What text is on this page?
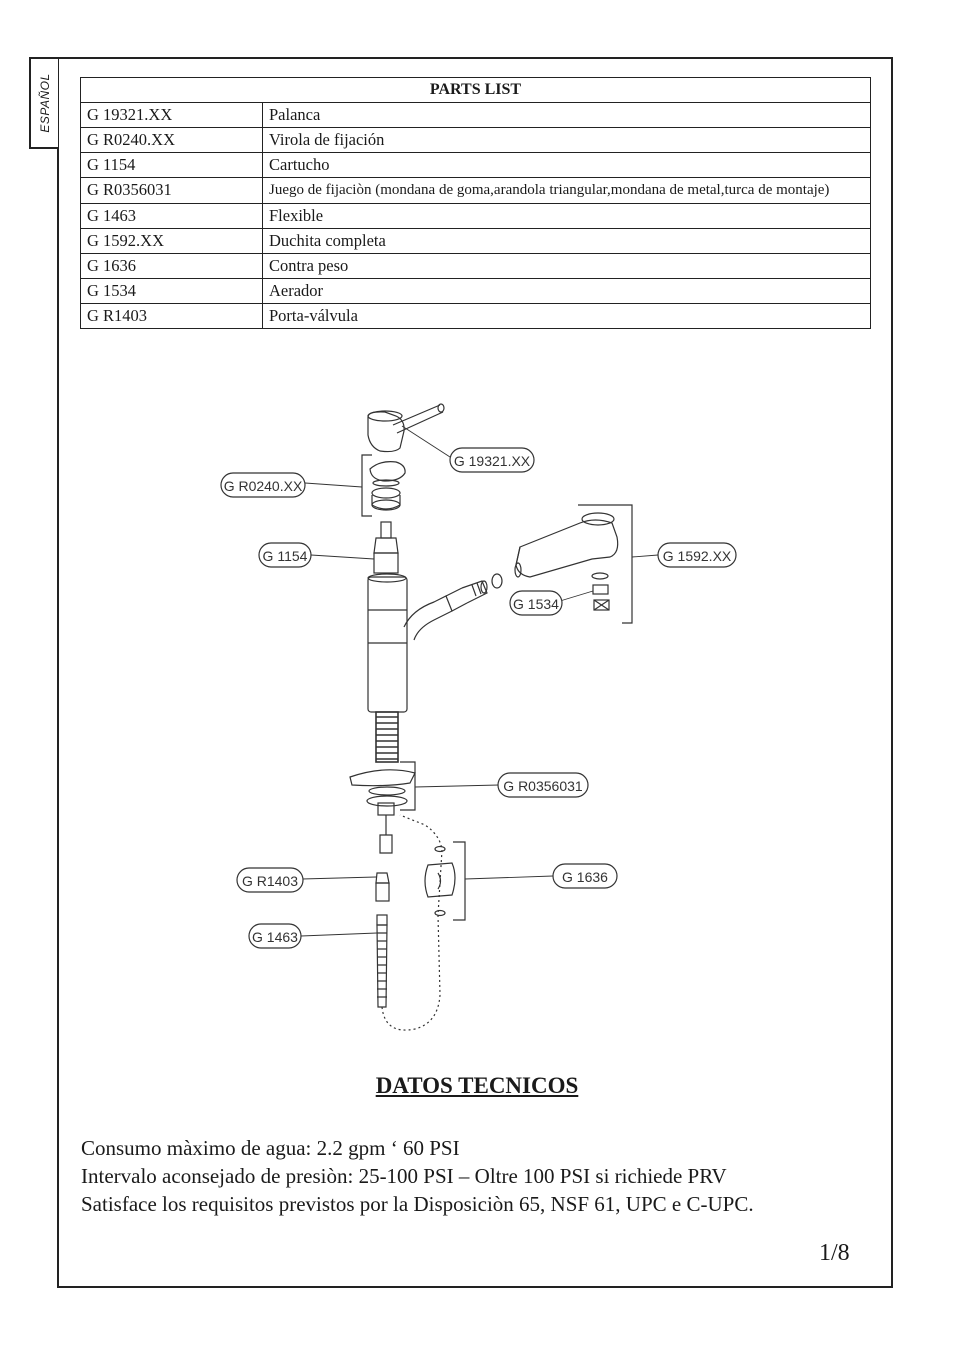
ESPAÑOL	PARTS LIST	
G 19321.XX	Palanca
G R0240.XX	Virola de fijación
G 1154	Cartucho
G R0356031	Juego de fijaciòn (mondana de goma,arandola triangular,mondana de metal,turca de montaje)
G 1463	Flexible
G 1592.XX	Duchita completa
G 1636	Contra peso
G 1534	Aerador
G R1403	Porta-válvula
G 19321.XX
G R0240.XX
G 1154	G 1592.XX
G 1534
G R0356031
G R1403	G 1636
G 1463
DATOS TECNICOS
Consumo màximo de agua: 2.2 gpm ‘ 60 PSI
Intervalo aconsejado de presiòn: 25-100 PSI – Oltre 100 PSI si richiede PRV
Satisface los requisitos previstos por la Disposiciòn 65, NSF 61, UPC e C-UPC.
1/8
